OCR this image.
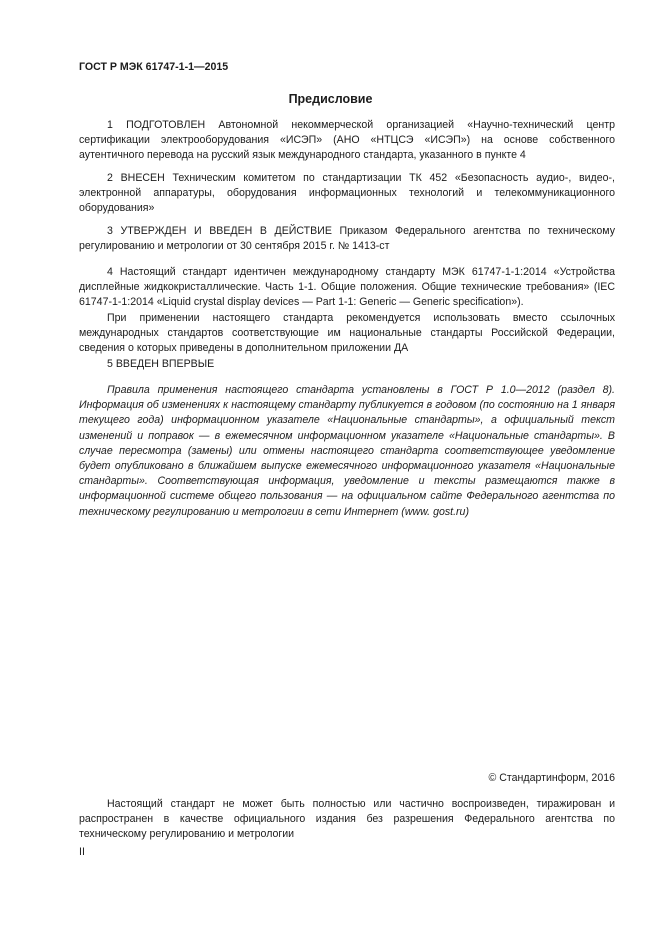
ГОСТ Р МЭК 61747-1-1—2015
Предисловие

1 ПОДГОТОВЛЕН Автономной некоммерческой организацией «Научно-технический центр сертификации электрооборудования «ИСЭП» (АНО «НТЦСЭ «ИСЭП») на основе собственного аутентичного перевода на русский язык международного стандарта, указанного в пункте 4

2 ВНЕСЕН Техническим комитетом по стандартизации ТК 452 «Безопасность аудио-, видео-, электронной аппаратуры, оборудования информационных технологий и телекоммуникационного оборудования»

3 УТВЕРЖДЕН И ВВЕДЕН В ДЕЙСТВИЕ Приказом Федерального агентства по техническому регулированию и метрологии от 30 сентября 2015 г. № 1413-ст

4 Настоящий стандарт идентичен международному стандарту МЭК 61747-1-1:2014 «Устройства дисплейные жидкокристаллические. Часть 1-1. Общие положения. Общие технические требования» (IEC 61747-1-1:2014 «Liquid crystal display devices — Part 1-1: Generic — Generic specification»).

При применении настоящего стандарта рекомендуется использовать вместо ссылочных международных стандартов соответствующие им национальные стандарты Российской Федерации, сведения о которых приведены в дополнительном приложении ДА

5 ВВЕДЕН ВПЕРВЫЕ

Правила применения настоящего стандарта установлены в ГОСТ Р 1.0—2012 (раздел 8). Информация об изменениях к настоящему стандарту публикуется в годовом (по состоянию на 1 января текущего года) информационном указателе «Национальные стандарты», а официальный текст изменений и поправок — в ежемесячном информационном указателе «Национальные стандарты». В случае пересмотра (замены) или отмены настоящего стандарта соответствующее уведомление будет опубликовано в ближайшем выпуске ежемесячного информационного указателя «Национальные стандарты». Соответствующая информация, уведомление и тексты размещаются также в информационной системе общего пользования — на официальном сайте Федерального агентства по техническому регулированию и метрологии в сети Интернет (www. gost.ru)

© Стандартинформ, 2016

Настоящий стандарт не может быть полностью или частично воспроизведен, тиражирован и распространен в качестве официального издания без разрешения Федерального агентства по техническому регулированию и метрологии

II
